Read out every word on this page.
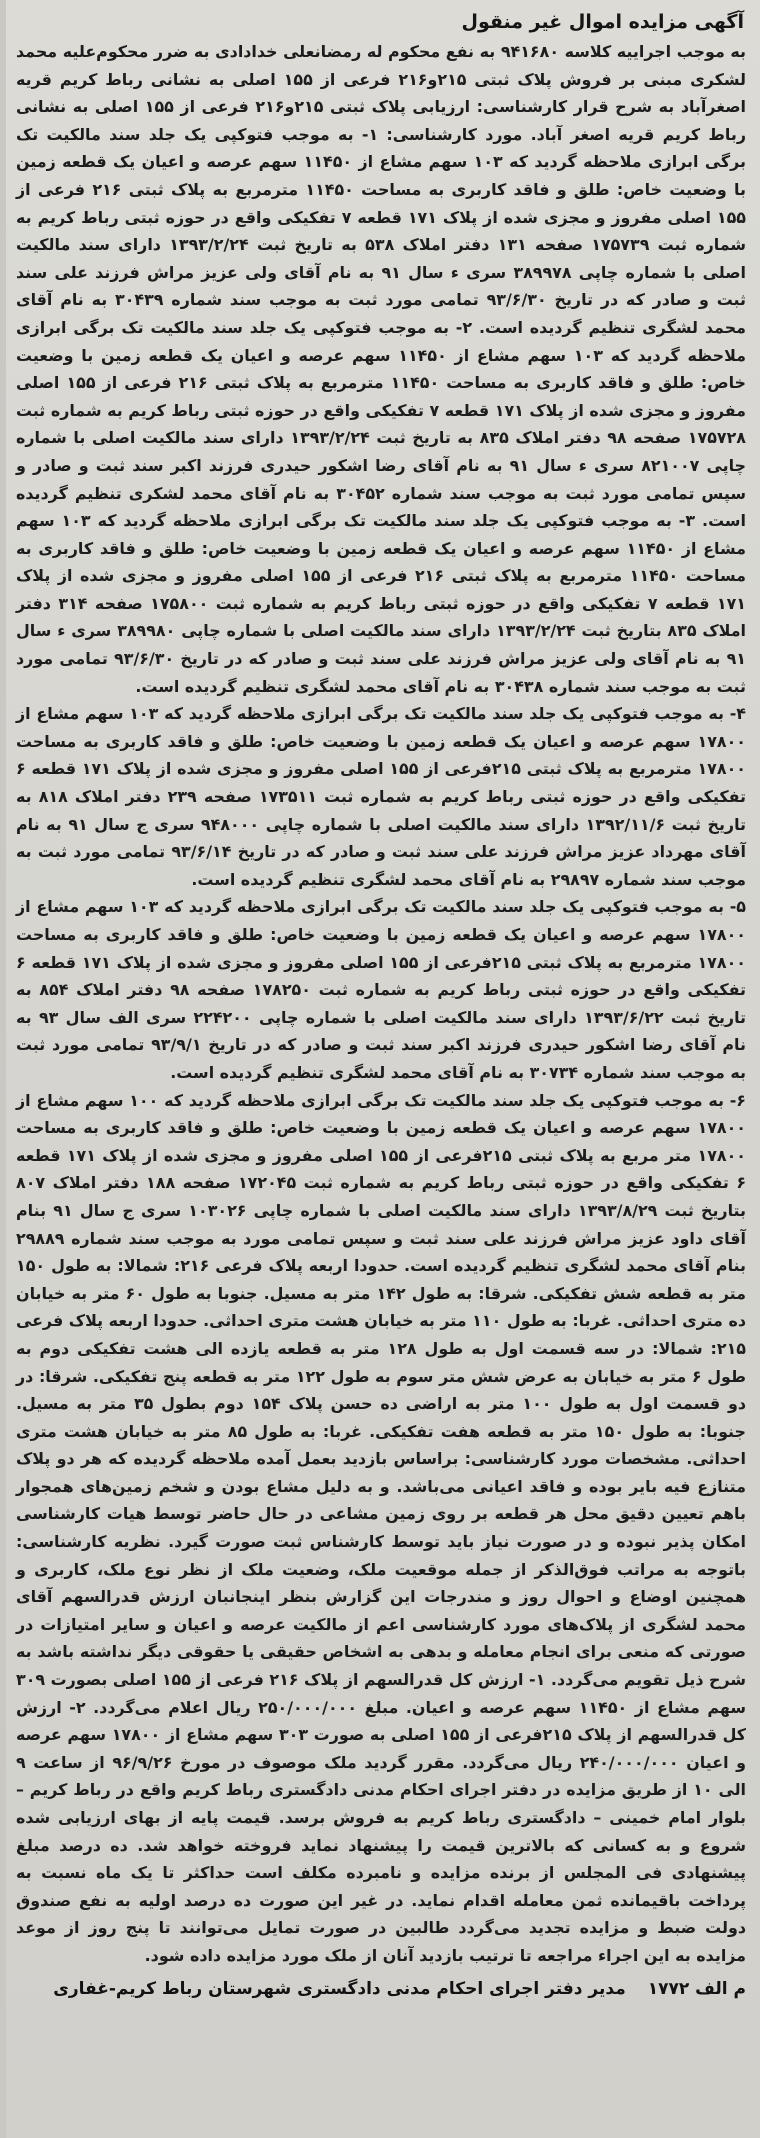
آگهی مزایده اموال غیر منقول

به موجب اجراییه کلاسه ۹۴۱۶۸۰ به نفع محکوم له رمضانعلی خدادادی به ضرر محکوم‌علیه محمد لشکری مبنی بر فروش پلاک ثبتی ۲۱۵و۲۱۶ فرعی از ۱۵۵ اصلی به نشانی رباط کریم قریه اصغرآباد به شرح قرار کارشناسی: ارزیابی پلاک ثبتی ۲۱۵و۲۱۶ فرعی از ۱۵۵ اصلی به نشانی رباط کریم قریه اصغر آباد. مورد کارشناسی: ۱- به موجب فتوکپی یک جلد سند مالکیت تک برگی ابرازی ملاحظه گردید که ۱۰۳ سهم مشاع از ۱۱۴۵۰ سهم عرصه و اعیان یک قطعه زمین با وضعیت خاص: طلق و فاقد کاربری به مساحت ۱۱۴۵۰ مترمربع به پلاک ثبتی ۲۱۶ فرعی از ۱۵۵ اصلی مفروز و مجزی شده از پلاک ۱۷۱ قطعه ۷ تفکیکی واقع در حوزه ثبتی رباط کریم به شماره ثبت ۱۷۵۷۳۹ صفحه ۱۳۱ دفتر املاک ۵۳۸ به تاریخ ثبت ۱۳۹۳/۲/۲۴ دارای سند مالکیت اصلی با شماره چاپی ۳۸۹۹۷۸ سری ء سال ۹۱ به نام آقای ولی عزیز مراش فرزند علی سند ثبت و صادر که در تاریخ ۹۳/۶/۳۰ تمامی مورد ثبت به موجب سند شماره ۳۰۴۳۹ به نام آقای محمد لشگری تنظیم گردیده است. ۲- به موجب فتوکپی یک جلد سند مالکیت تک برگی ابرازی ملاحظه گردید که ۱۰۳ سهم مشاع از ۱۱۴۵۰ سهم عرصه و اعیان یک قطعه زمین با وضعیت خاص: طلق و فاقد کاربری به مساحت ۱۱۴۵۰ مترمربع به پلاک ثبتی ۲۱۶ فرعی از ۱۵۵ اصلی مفروز و مجزی شده از پلاک ۱۷۱ قطعه ۷ تفکیکی واقع در حوزه ثبتی رباط کریم به شماره ثبت ۱۷۵۷۲۸ صفحه ۹۸ دفتر املاک ۸۳۵ به تاریخ ثبت ۱۳۹۳/۲/۲۴ دارای سند مالکیت اصلی با شماره چاپی ۸۲۱۰۰۷ سری ء سال ۹۱ به نام آقای رضا اشکور حیدری فرزند اکبر سند ثبت و صادر و سپس تمامی مورد ثبت به موجب سند شماره ۳۰۴۵۲ به نام آقای محمد لشکری تنظیم گردیده است. ۳- به موجب فتوکپی یک جلد سند مالکیت تک برگی ابرازی ملاحظه گردید که ۱۰۳ سهم مشاع از ۱۱۴۵۰ سهم عرصه و اعیان یک قطعه زمین با وضعیت خاص: طلق و فاقد کاربری به مساحت ۱۱۴۵۰ مترمربع به پلاک ثبتی ۲۱۶ فرعی از ۱۵۵ اصلی مفروز و مجزی شده از پلاک ۱۷۱ قطعه ۷ تفکیکی واقع در حوزه ثبتی رباط کریم به شماره ثبت ۱۷۵۸۰۰ صفحه ۳۱۴ دفتر املاک ۸۳۵ بتاریخ ثبت ۱۳۹۳/۲/۲۴ دارای سند مالکیت اصلی با شماره چاپی ۳۸۹۹۸۰ سری ء سال ۹۱ به نام آقای ولی عزیز مراش فرزند علی سند ثبت و صادر که در تاریخ ۹۳/۶/۳۰ تمامی مورد ثبت به موجب سند شماره ۳۰۴۳۸ به نام آقای محمد لشگری تنظیم گردیده است.

۴- به موجب فتوکپی یک جلد سند مالکیت تک برگی ابرازی ملاحظه گردید که ۱۰۳ سهم مشاع از ۱۷۸۰۰ سهم عرصه و اعیان یک قطعه زمین با وضعیت خاص: طلق و فاقد کاربری به مساحت ۱۷۸۰۰ مترمربع به پلاک ثبتی ۲۱۵فرعی از ۱۵۵ اصلی مفروز و مجزی شده از پلاک ۱۷۱ قطعه ۶ تفکیکی واقع در حوزه ثبتی رباط کریم به شماره ثبت ۱۷۳۵۱۱ صفحه ۲۳۹ دفتر املاک ۸۱۸ به تاریخ ثبت ۱۳۹۲/۱۱/۶ دارای سند مالکیت اصلی با شماره چاپی ۹۴۸۰۰۰ سری ج سال ۹۱ به نام آقای مهرداد عزیز مراش فرزند علی سند ثبت و صادر که در تاریخ ۹۳/۶/۱۴ تمامی مورد ثبت به موجب سند شماره ۲۹۸۹۷ به نام آقای محمد لشگری تنظیم گردیده است.

۵- به موجب فتوکپی یک جلد سند مالکیت تک برگی ابرازی ملاحظه گردید که ۱۰۳ سهم مشاع از ۱۷۸۰۰ سهم عرصه و اعیان یک قطعه زمین با وضعیت خاص: طلق و فاقد کاربری به مساحت ۱۷۸۰۰ مترمربع به پلاک ثبتی ۲۱۵فرعی از ۱۵۵ اصلی مفروز و مجزی شده از پلاک ۱۷۱ قطعه ۶ تفکیکی واقع در حوزه ثبتی رباط کریم به شماره ثبت ۱۷۸۲۵۰ صفحه ۹۸ دفتر املاک ۸۵۴ به تاریخ ثبت ۱۳۹۳/۶/۲۲ دارای سند مالکیت اصلی با شماره چاپی ۲۲۴۲۰۰ سری الف سال ۹۳ به نام آقای رضا اشکور حیدری فرزند اکبر سند ثبت و صادر که در تاریخ ۹۳/۹/۱ تمامی مورد ثبت به موجب سند شماره ۳۰۷۳۴ به نام آقای محمد لشگری تنظیم گردیده است.

۶- به موجب فتوکپی یک جلد سند مالکیت تک برگی ابرازی ملاحظه گردید که ۱۰۰ سهم مشاع از ۱۷۸۰۰ سهم عرصه و اعیان یک قطعه زمین با وضعیت خاص: طلق و فاقد کاربری به مساحت ۱۷۸۰۰ متر مربع به پلاک ثبتی ۲۱۵فرعی از ۱۵۵ اصلی مفروز و مجزی شده از پلاک ۱۷۱ قطعه ۶ تفکیکی واقع در حوزه ثبتی رباط کریم به شماره ثبت ۱۷۲۰۴۵ صفحه ۱۸۸ دفتر املاک ۸۰۷ بتاریخ ثبت ۱۳۹۳/۸/۲۹ دارای سند مالکیت اصلی با شماره چاپی ۱۰۳۰۲۶ سری ج سال ۹۱ بنام آقای داود عزیز مراش فرزند علی سند ثبت و سپس تمامی مورد به موجب سند شماره ۲۹۸۸۹ بنام آقای محمد لشگری تنظیم گردیده است. حدودا اربعه پلاک فرعی ۲۱۶: شمالا: به طول ۱۵۰ متر به قطعه شش تفکیکی. شرقا: به طول ۱۴۲ متر به مسیل. جنوبا به طول ۶۰ متر به خیابان ده متری احداثی. غربا: به طول ۱۱۰ متر به خیابان هشت متری احداثی. حدودا اربعه پلاک فرعی ۲۱۵: شمالا: در سه قسمت اول به طول ۱۲۸ متر به قطعه یازده الی هشت تفکیکی دوم به طول ۶ متر به خیابان به عرض شش متر سوم به طول ۱۲۲ متر به قطعه پنج تفکیکی. شرقا: در دو قسمت اول به طول ۱۰۰ متر به اراضی ده حسن پلاک ۱۵۴ دوم بطول ۳۵ متر به مسیل. جنوبا: به طول ۱۵۰ متر به قطعه هفت تفکیکی. غربا: به طول ۸۵ متر به خیابان هشت متری احداثی. مشخصات مورد کارشناسی: براساس بازدید بعمل آمده ملاحظه گردیده که هر دو پلاک متنازع فیه بایر بوده و فاقد اعیانی می‌باشد. و به دلیل مشاع بودن و شخم زمین‌های همجوار باهم تعیین دقیق محل هر قطعه بر روی زمین مشاعی در حال حاضر توسط هیات کارشناسی امکان پذیر نبوده و در صورت نیاز باید توسط کارشناس ثبت صورت گیرد. نظریه کارشناسی: باتوجه به مراتب فوق‌الذکر از جمله موقعیت ملک، وضعیت ملک از نظر نوع ملک، کاربری و همچنین اوضاع و احوال روز و مندرجات این گزارش بنظر اینجانبان ارزش قدرالسهم آقای محمد لشگری از پلاک‌های مورد کارشناسی اعم از مالکیت عرصه و اعیان و سایر امتیازات در صورتی که منعی برای انجام معامله و بدهی به اشخاص حقیقی یا حقوقی دیگر نداشته باشد به شرح ذیل تقویم می‌گردد. ۱- ارزش کل قدرالسهم از پلاک ۲۱۶ فرعی از ۱۵۵ اصلی بصورت ۳۰۹ سهم مشاع از ۱۱۴۵۰ سهم عرصه و اعیان. مبلغ ۲۵۰/۰۰۰/۰۰۰ ریال اعلام می‌گردد. ۲- ارزش کل قدرالسهم از پلاک ۲۱۵فرعی از ۱۵۵ اصلی به صورت ۳۰۳ سهم مشاع از ۱۷۸۰۰ سهم عرصه و اعیان ۲۴۰/۰۰۰/۰۰۰ ریال می‌گردد. مقرر گردید ملک موصوف در مورخ ۹۶/۹/۲۶ از ساعت ۹ الی ۱۰ از طریق مزایده در دفتر اجرای احکام مدنی دادگستری رباط کریم واقع در رباط کریم – بلوار امام خمینی – دادگستری رباط کریم به فروش برسد. قیمت پایه از بهای ارزیابی شده شروع و به کسانی که بالاترین قیمت را پیشنهاد نماید فروخته خواهد شد. ده درصد مبلغ پیشنهادی فی المجلس از برنده مزایده و نامبرده مکلف است حداکثر تا یک ماه نسبت به پرداخت باقیمانده ثمن معامله اقدام نماید. در غیر این صورت ده درصد اولیه به نفع صندوق دولت ضبط و مزایده تجدید می‌گردد طالبین در صورت تمایل می‌توانند تا پنج روز از موعد مزایده به این اجراء مراجعه تا ترتیب بازدید آنان از ملک مورد مزایده داده شود.

م الف ۱۷۷۲
مدیر دفتر اجرای احکام مدنی دادگستری شهرستان رباط کریم-غفاری
